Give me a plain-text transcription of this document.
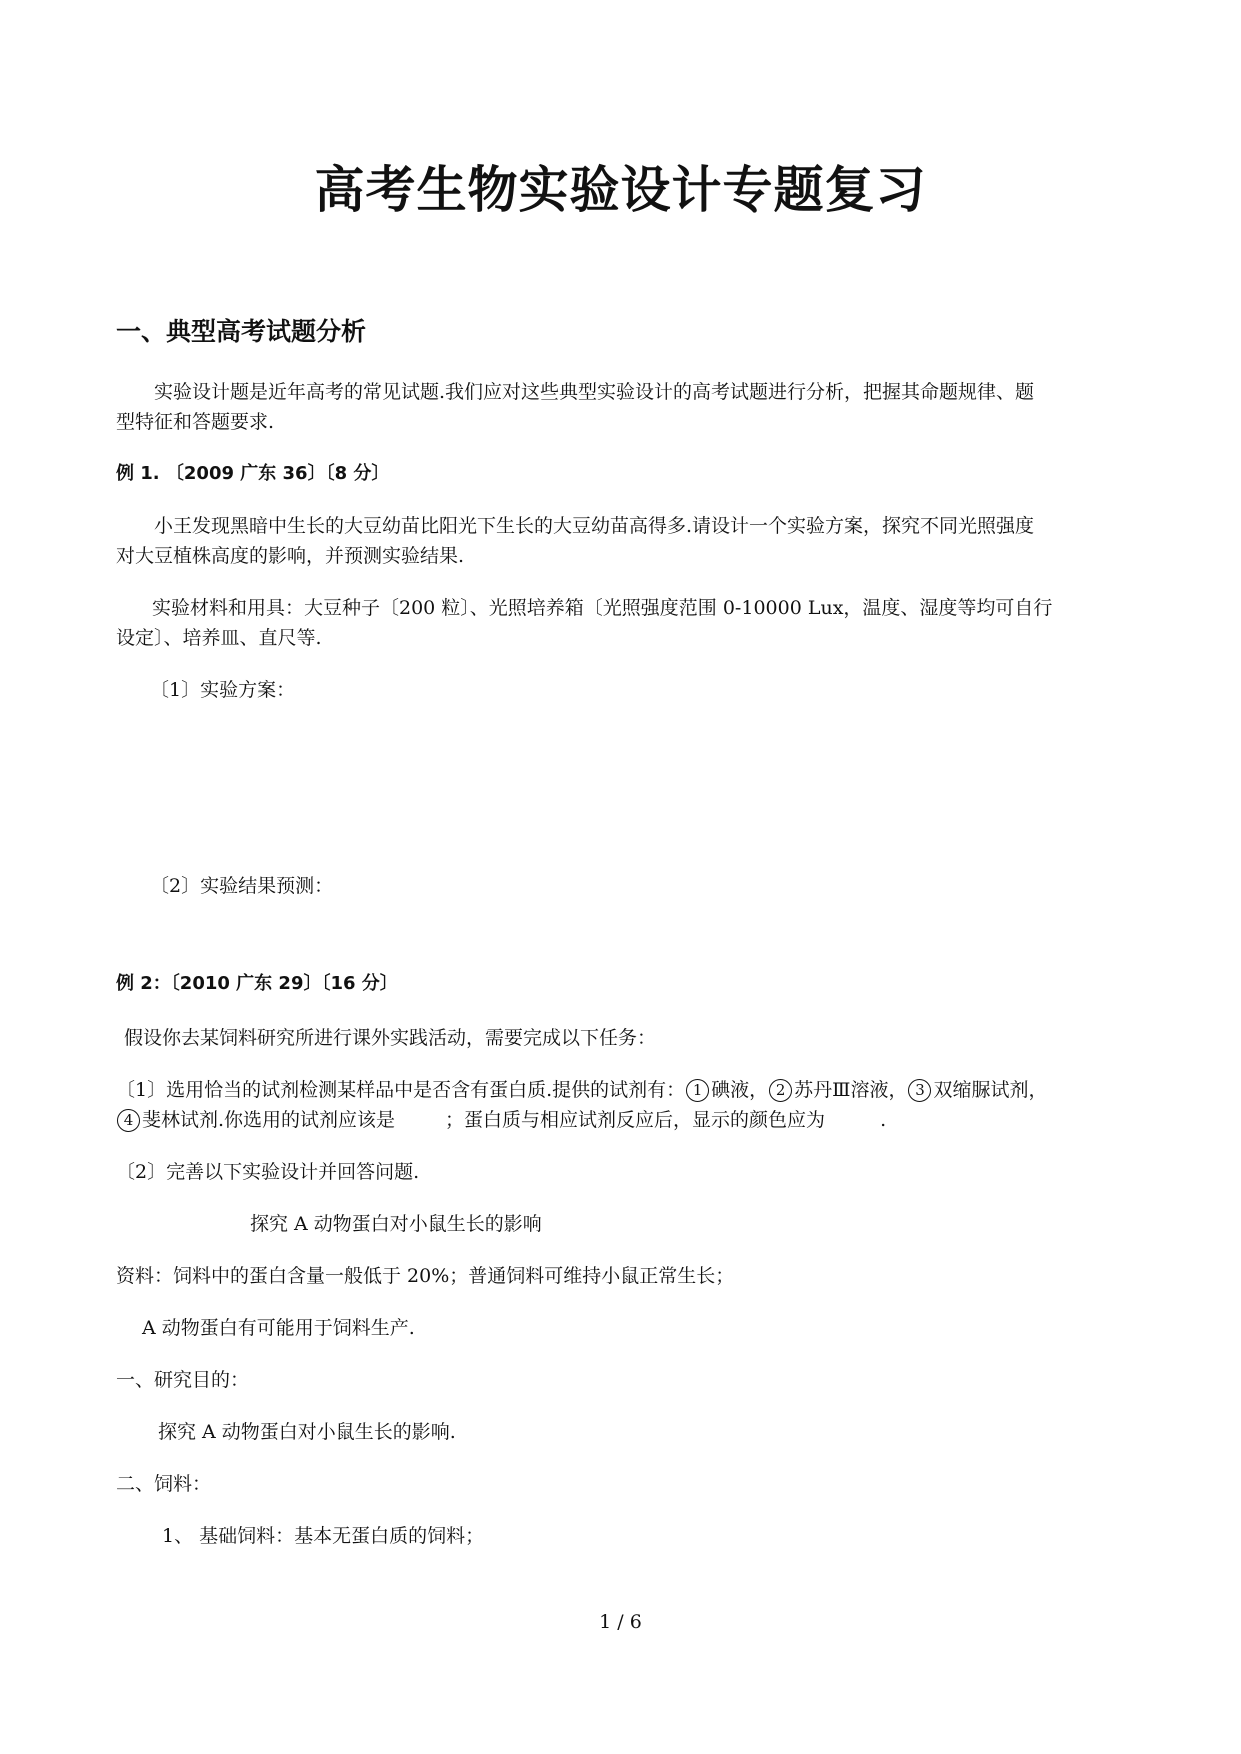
高考生物实验设计专题复习
一、典型高考试题分析
实验设计题是近年高考的常见试题.我们应对这些典型实验设计的高考试题进行分析，把握其命题规律、题
型特征和答题要求.
例 1. 〔2009 广东 36〕〔8 分〕
小王发现黑暗中生长的大豆幼苗比阳光下生长的大豆幼苗高得多.请设计一个实验方案，探究不同光照强度
对大豆植株高度的影响，并预测实验结果.
实验材料和用具：大豆种子〔200 粒〕、光照培养箱〔光照强度范围 0-10000 Lux，温度、湿度等均可自行
设定〕、培养皿、直尺等.
〔1〕实验方案：
〔2〕实验结果预测：
例 2：〔2010 广东 29〕〔16 分〕
假设你去某饲料研究所进行课外实践活动，需要完成以下任务：
〔1〕选用恰当的试剂检测某样品中是否含有蛋白质.提供的试剂有： 1 碘液， 2 苏丹Ⅲ溶液， 3 双缩脲试剂，
4 斐林试剂.你选用的试剂应该是	；蛋白质与相应试剂反应后，显示的颜色应为	.
〔2〕完善以下实验设计并回答问题.
探究 A 动物蛋白对小鼠生长的影响
资料：饲料中的蛋白含量一般低于 20%；普通饲料可维持小鼠正常生长；
A 动物蛋白有可能用于饲料生产.
一、研究目的：
探究 A 动物蛋白对小鼠生长的影响.
二、饲料：
1、 基础饲料：基本无蛋白质的饲料；
1 / 6
